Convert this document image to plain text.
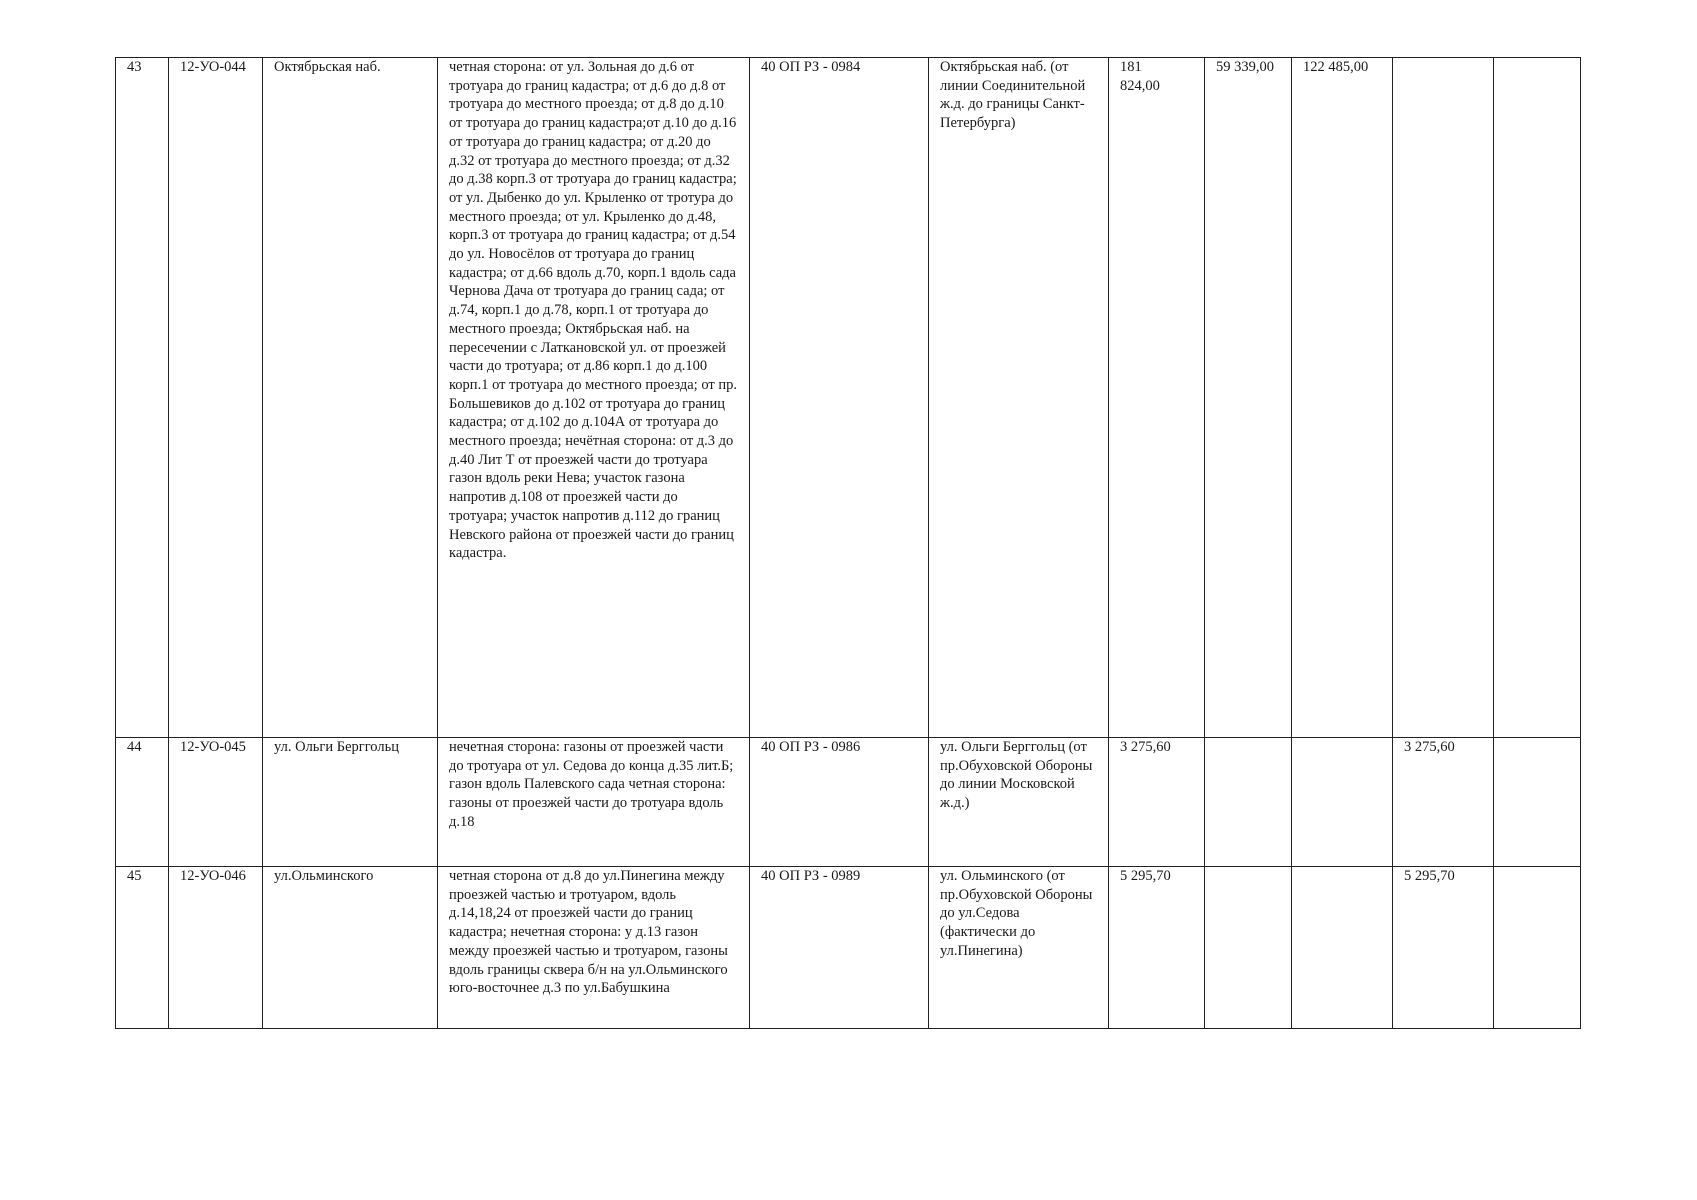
43	12-УО-044	Октябрьская наб.	четная сторона: от ул. Зольная до д.6 от тротуара до границ кадастра; от д.6 до д.8 от тротуара до местного проезда; от д.8 до д.10 от тротуара до границ кадастра;от д.10 до д.16 от тротуара до границ кадастра; от д.20 до д.32 от тротуара до местного проезда; от д.32 до д.38 корп.3 от тротуара до границ кадастра; от ул. Дыбенко до ул. Крыленко от тротура до местного проезда; от ул. Крыленко до д.48, корп.3 от тротуара до границ кадастра; от д.54 до ул. Новосёлов от тротуара до границ кадастра; от д.66 вдоль д.70, корп.1 вдоль сада Чернова Дача от тротуара до границ сада; от д.74, корп.1 до д.78, корп.1 от тротуара до местного проезда; Октябрьская наб. на пересечении с Латкановской ул. от проезжей части до тротуара; от д.86 корп.1 до д.100 корп.1 от тротуара до местного проезда; от пр. Большевиков до д.102 от тротуара до границ кадастра; от д.102 до д.104А от тротуара до местного проезда; нечётная сторона: от д.3 до д.40 Лит Т от проезжей части до тротуара газон вдоль реки Нева; участок газона напротив д.108 от проезжей части до тротуара; участок напротив д.112 до границ Невского района от проезжей части до границ кадастра.	40 ОП РЗ - 0984	Октябрьская наб. (от линии Соединительной ж.д. до границы Санкт-Петербурга)	181 824,00	59 339,00	122 485,00		

44	12-УО-045	ул. Ольги Берггольц	нечетная сторона: газоны от проезжей части до тротуара от ул. Седова до конца д.35 лит.Б; газон вдоль Палевского сада четная сторона: газоны от проезжей части до тротуара вдоль д.18	40 ОП РЗ - 0986	ул. Ольги Берггольц (от пр.Обуховской Обороны до линии Московской ж.д.)	3 275,60			3 275,60	

45	12-УО-046	ул.Ольминского	четная сторона от д.8 до ул.Пинегина между проезжей частью и тротуаром, вдоль д.14,18,24 от проезжей части до границ кадастра; нечетная сторона: у д.13 газон между проезжей частью и тротуаром, газоны вдоль границы сквера б/н на ул.Ольминского юго-восточнее д.3 по ул.Бабушкина	40 ОП РЗ - 0989	ул. Ольминского (от пр.Обуховской Обороны до ул.Седова (фактически до ул.Пинегина)	5 295,70			5 295,70	
